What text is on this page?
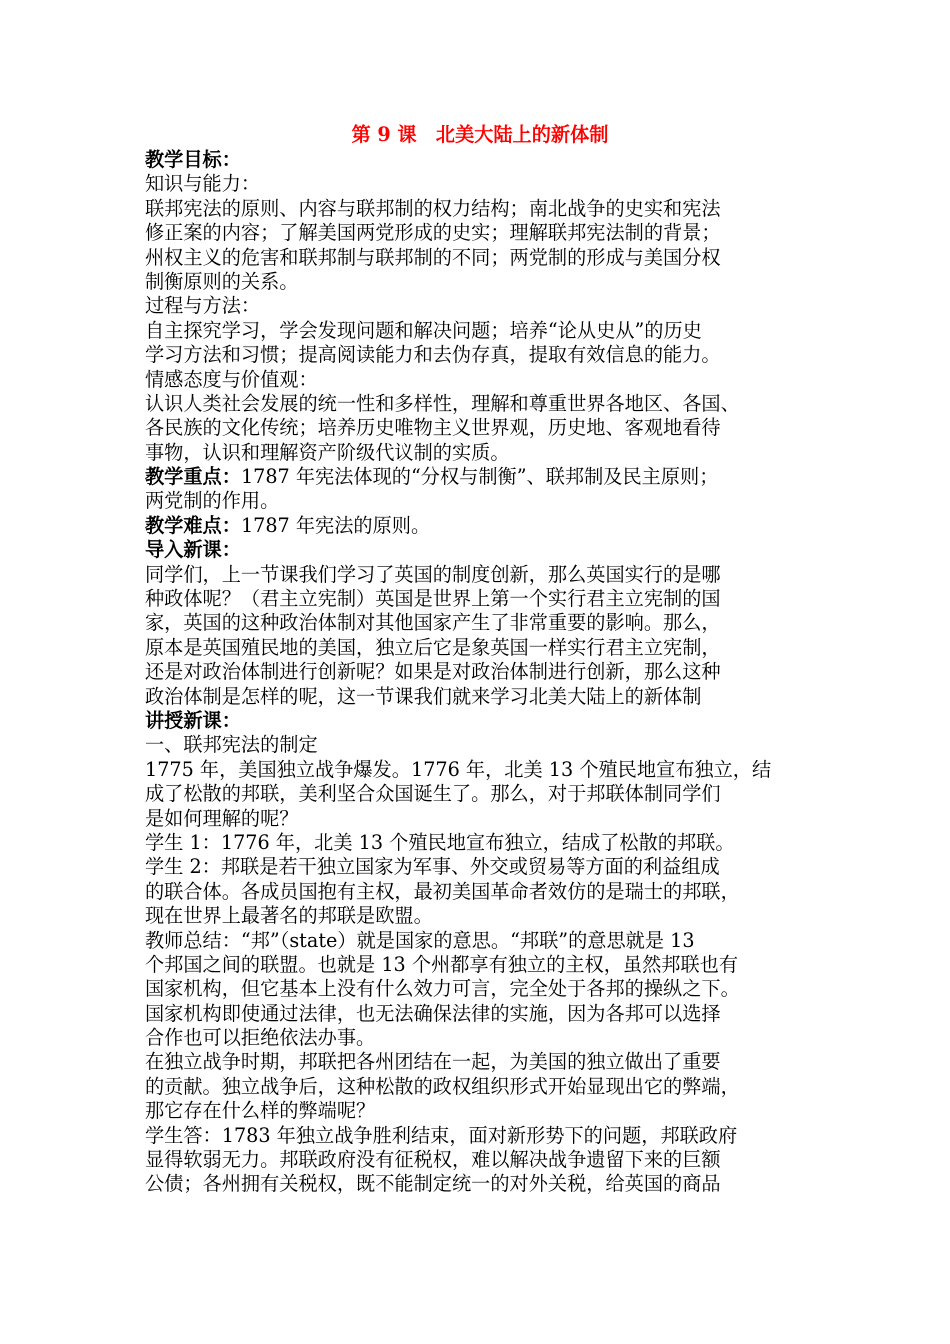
第 9 课　北美大陆上的新体制
教学目标：
知识与能力：
联邦宪法的原则、内容与联邦制的权力结构；南北战争的史实和宪法
修正案的内容；了解美国两党形成的史实；理解联邦宪法制的背景；
州权主义的危害和联邦制与联邦制的不同；两党制的形成与美国分权
制衡原则的关系。
过程与方法：
自主探究学习，学会发现问题和解决问题；培养“论从史从”的历史
学习方法和习惯；提高阅读能力和去伪存真，提取有效信息的能力。
情感态度与价值观：
认识人类社会发展的统一性和多样性，理解和尊重世界各地区、各国、
各民族的文化传统；培养历史唯物主义世界观，历史地、客观地看待
事物，认识和理解资产阶级代议制的实质。
教学重点：1787 年宪法体现的“分权与制衡”、联邦制及民主原则；
两党制的作用。
教学难点：1787 年宪法的原则。
导入新课：
同学们，上一节课我们学习了英国的制度创新，那么英国实行的是哪
种政体呢？（君主立宪制）英国是世界上第一个实行君主立宪制的国
家，英国的这种政治体制对其他国家产生了非常重要的影响。那么，
原本是英国殖民地的美国，独立后它是象英国一样实行君主立宪制，
还是对政治体制进行创新呢？如果是对政治体制进行创新，那么这种
政治体制是怎样的呢，这一节课我们就来学习北美大陆上的新体制
讲授新课：
一、联邦宪法的制定
1775 年，美国独立战争爆发。1776 年，北美 13 个殖民地宣布独立，结
成了松散的邦联，美利坚合众国诞生了。那么，对于邦联体制同学们
是如何理解的呢？
学生 1：1776 年，北美 13 个殖民地宣布独立，结成了松散的邦联。
学生 2：邦联是若干独立国家为军事、外交或贸易等方面的利益组成
的联合体。各成员国抱有主权，最初美国革命者效仿的是瑞士的邦联，
现在世界上最著名的邦联是欧盟。
教师总结：“邦”（state）就是国家的意思。“邦联”的意思就是 13
个邦国之间的联盟。也就是 13 个州都享有独立的主权，虽然邦联也有
国家机构，但它基本上没有什么效力可言，完全处于各邦的操纵之下。
国家机构即使通过法律，也无法确保法律的实施，因为各邦可以选择
合作也可以拒绝依法办事。
在独立战争时期，邦联把各州团结在一起，为美国的独立做出了重要
的贡献。独立战争后，这种松散的政权组织形式开始显现出它的弊端，
那它存在什么样的弊端呢？
学生答：1783 年独立战争胜利结束，面对新形势下的问题，邦联政府
显得软弱无力。邦联政府没有征税权，难以解决战争遗留下来的巨额
公债；各州拥有关税权，既不能制定统一的对外关税，给英国的商品
